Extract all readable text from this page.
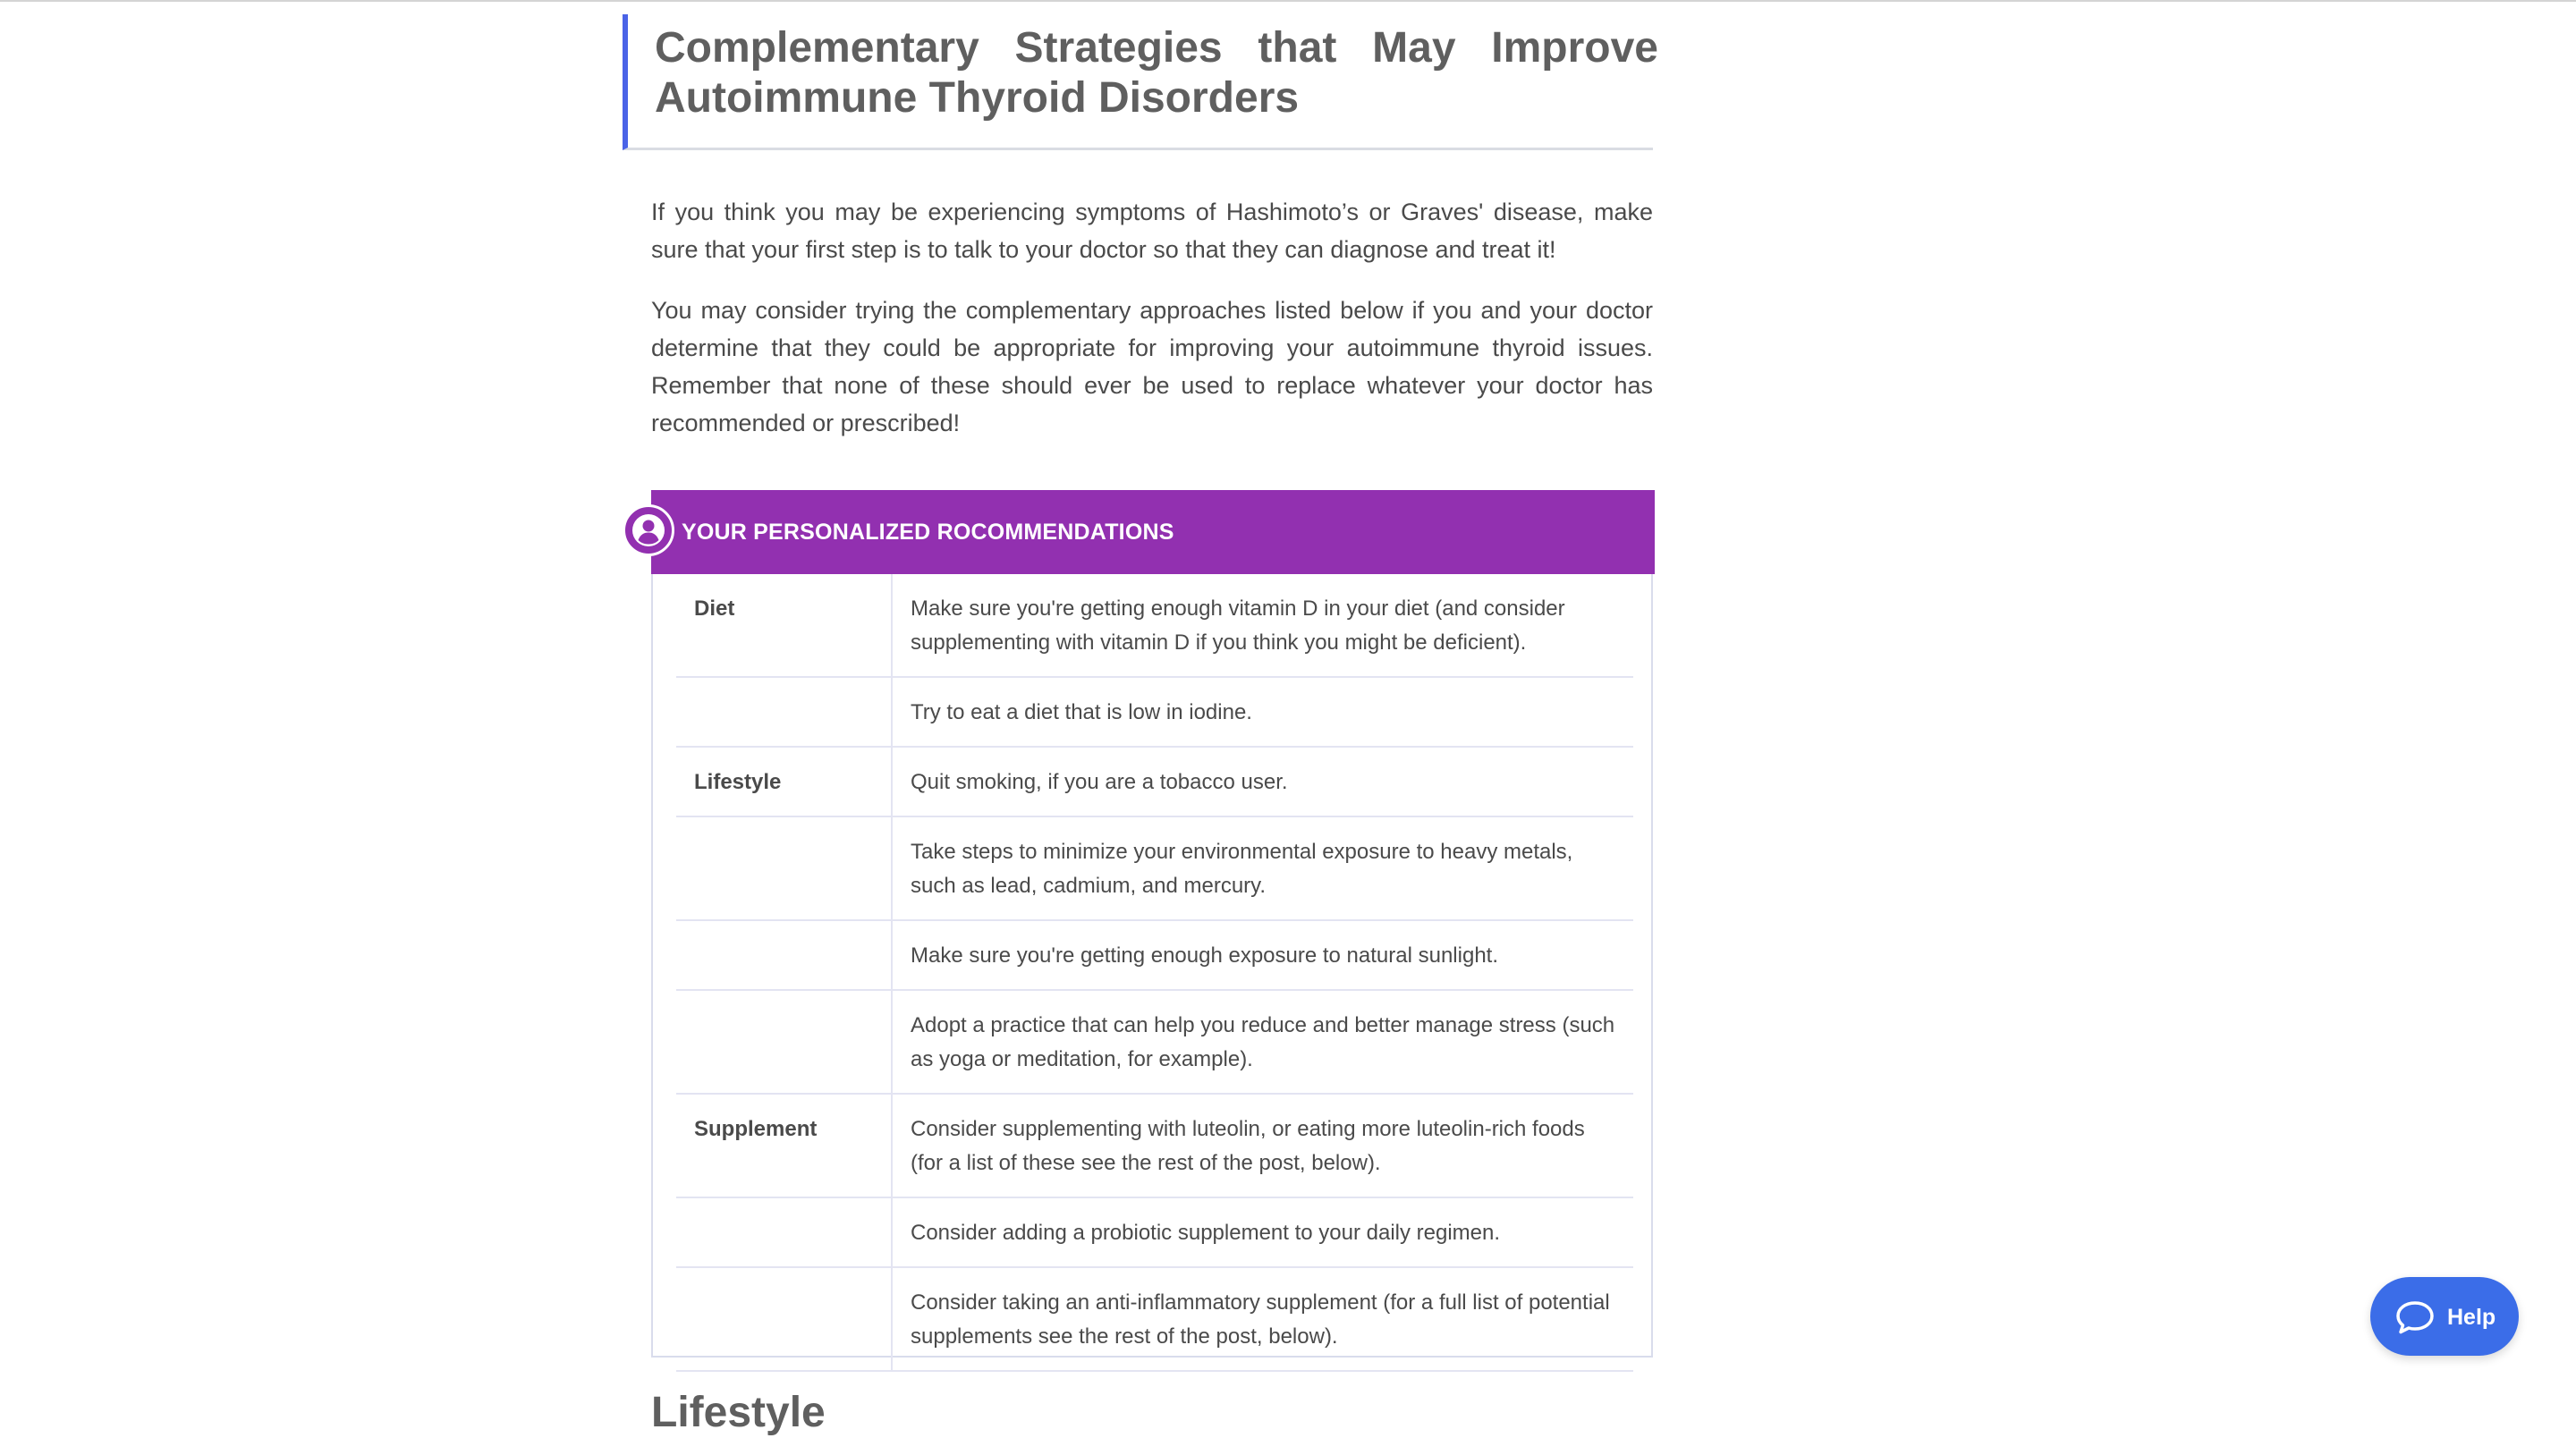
Complementary Strategies that May Improve
Autoimmune Thyroid Disorders

If you think you may be experiencing symptoms of Hashimoto’s or Graves' disease, make sure that your first step is to talk to your doctor so that they can diagnose and treat it!

You may consider trying the complementary approaches listed below if you and your doctor determine that they could be appropriate for improving your autoimmune thyroid issues. Remember that none of these should ever be used to replace whatever your doctor has recommended or prescribed!

YOUR PERSONALIZED ROCOMMENDATIONS
Diet	Make sure you're getting enough vitamin D in your diet (and consider supplementing with vitamin D if you think you might be deficient).
	Try to eat a diet that is low in iodine.
Lifestyle	Quit smoking, if you are a tobacco user.
	Take steps to minimize your environmental exposure to heavy metals, such as lead, cadmium, and mercury.
	Make sure you're getting enough exposure to natural sunlight.
	Adopt a practice that can help you reduce and better manage stress (such as yoga or meditation, for example).
Supplement	Consider supplementing with luteolin, or eating more luteolin-rich foods (for a list of these see the rest of the post, below).
	Consider adding a probiotic supplement to your daily regimen.
	Consider taking an anti-inflammatory supplement (for a full list of potential supplements see the rest of the post, below).
Lifestyle
Help
